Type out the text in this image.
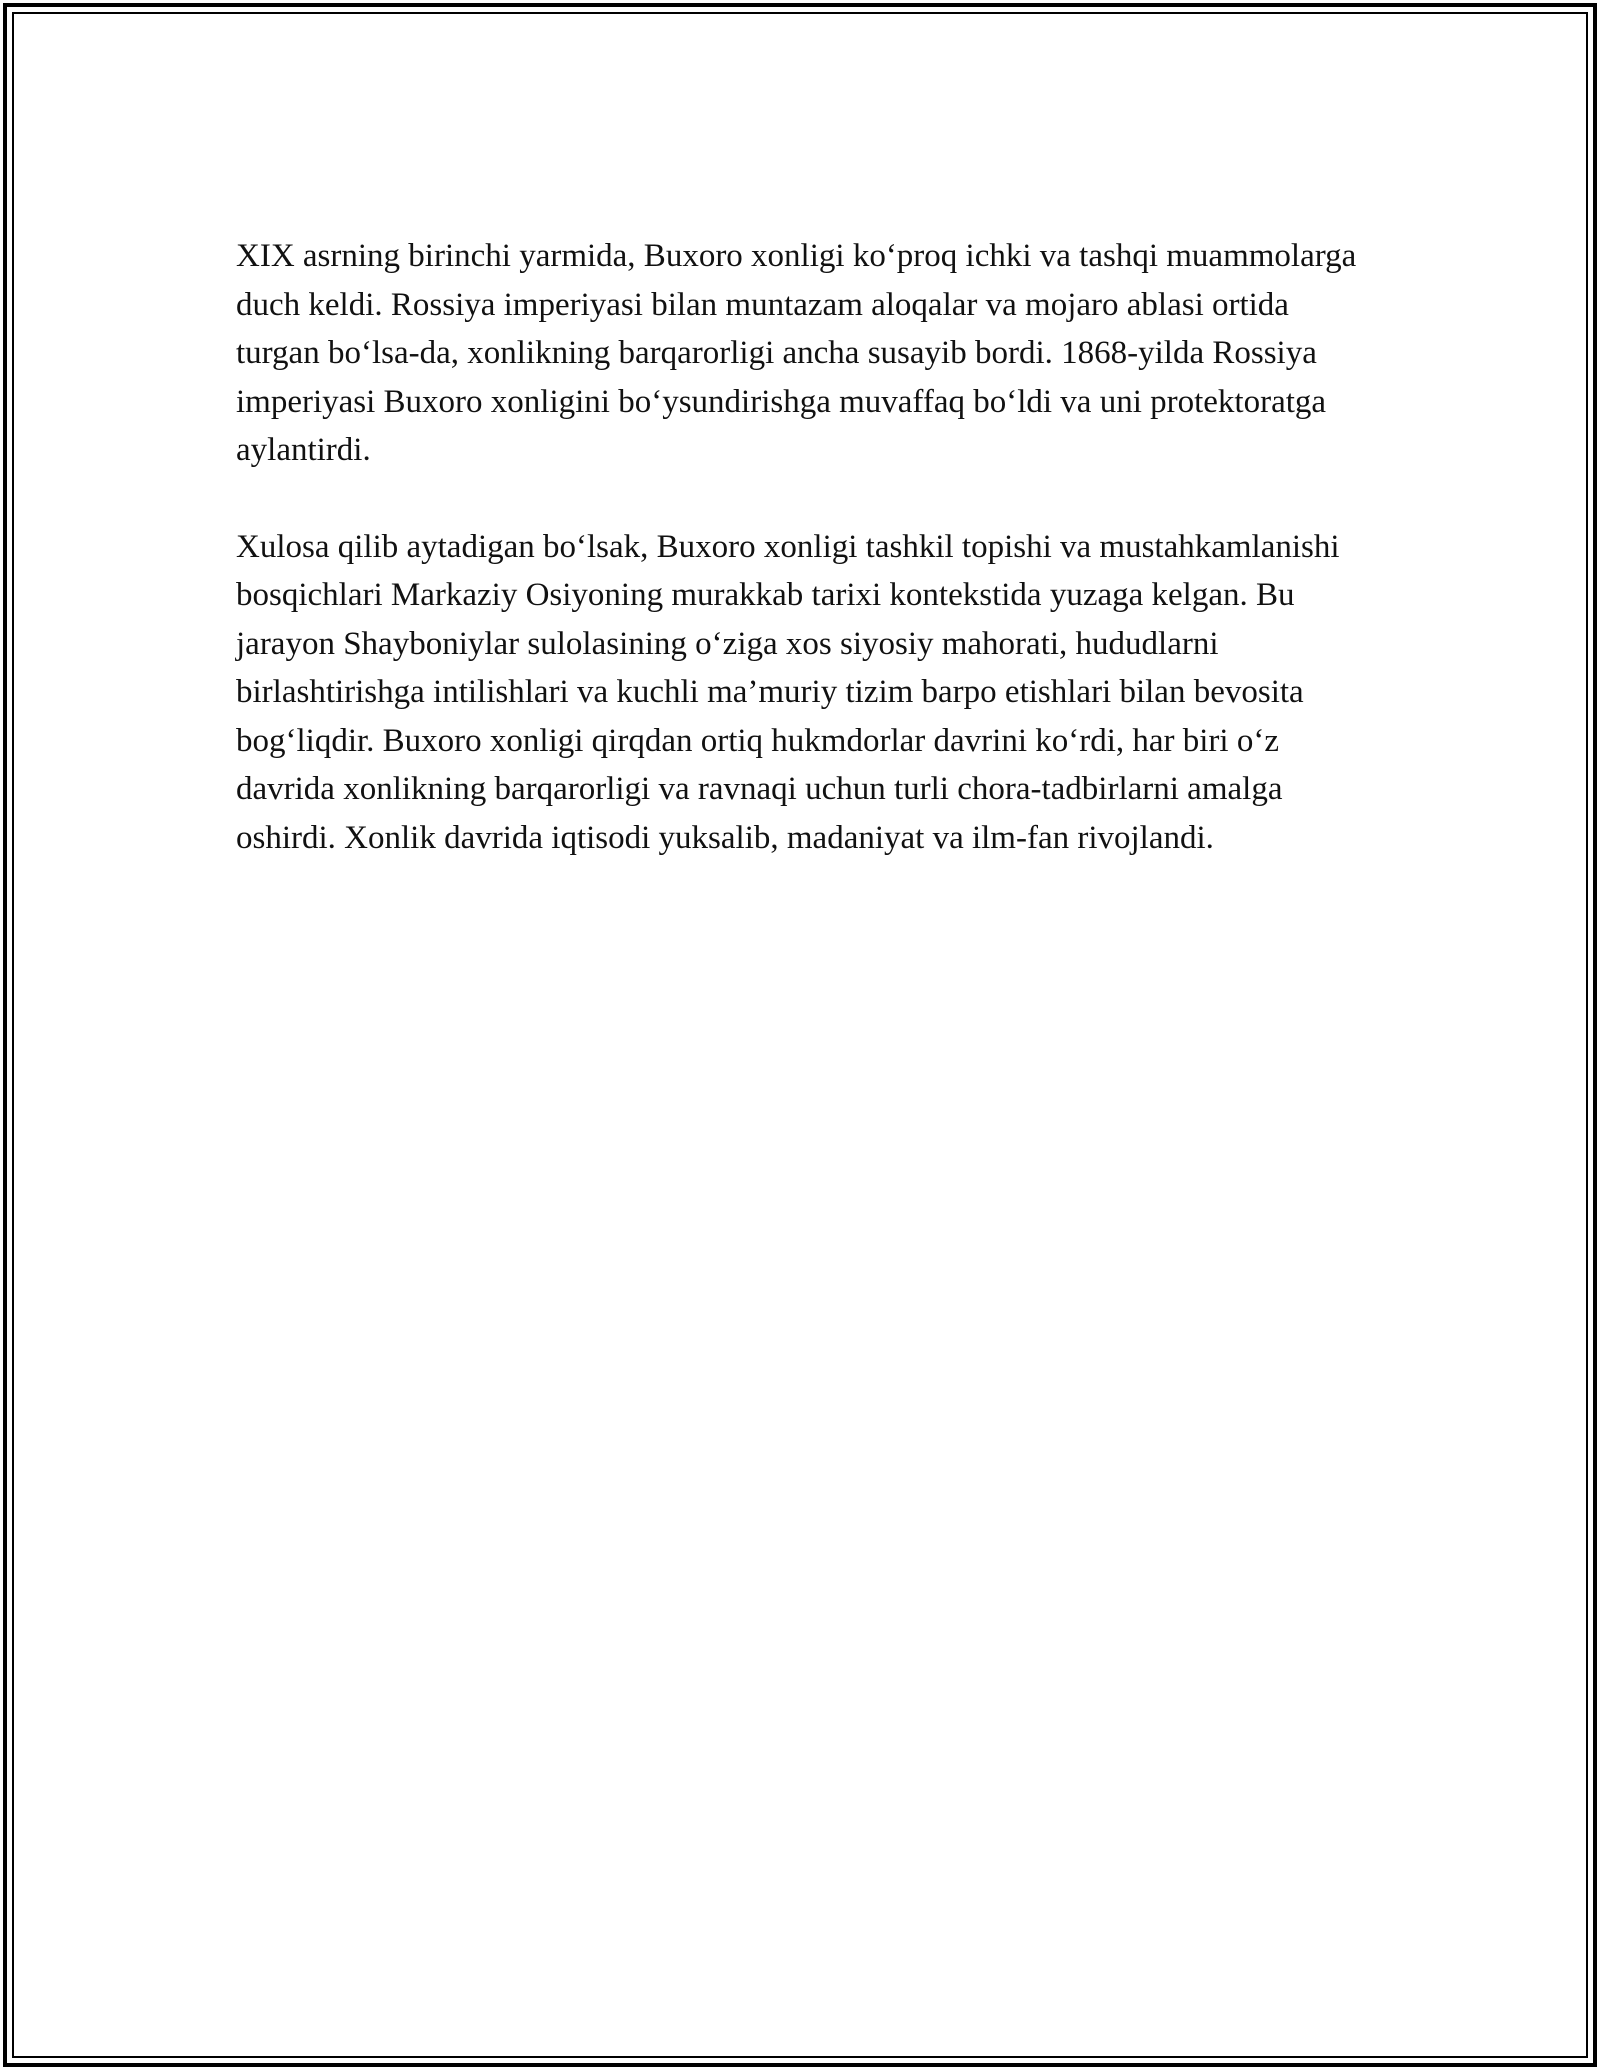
XIX asrning birinchi yarmida, Buxoro xonligi ko‘proq ichki va tashqi muammolarga duch keldi. Rossiya imperiyasi bilan muntazam aloqalar va mojaro ablasi ortida turgan bo‘lsa-da, xonlikning barqarorligi ancha susayib bordi. 1868-yilda Rossiya imperiyasi Buxoro xonligini bo‘ysundirishga muvaffaq bo‘ldi va uni protektoratga aylantirdi.

Xulosa qilib aytadigan bo‘lsak, Buxoro xonligi tashkil topishi va mustahkamlanishi bosqichlari Markaziy Osiyoning murakkab tarixi kontekstida yuzaga kelgan. Bu jarayon Shayboniylar sulolasining o‘ziga xos siyosiy mahorati, hududlarni birlashtirishga intilishlari va kuchli ma’muriy tizim barpo etishlari bilan bevosita bog‘liqdir. Buxoro xonligi qirqdan ortiq hukmdorlar davrini ko‘rdi, har biri o‘z davrida xonlikning barqarorligi va ravnaqi uchun turli chora-tadbirlarni amalga oshirdi. Xonlik davrida iqtisodi yuksalib, madaniyat va ilm-fan rivojlandi.
